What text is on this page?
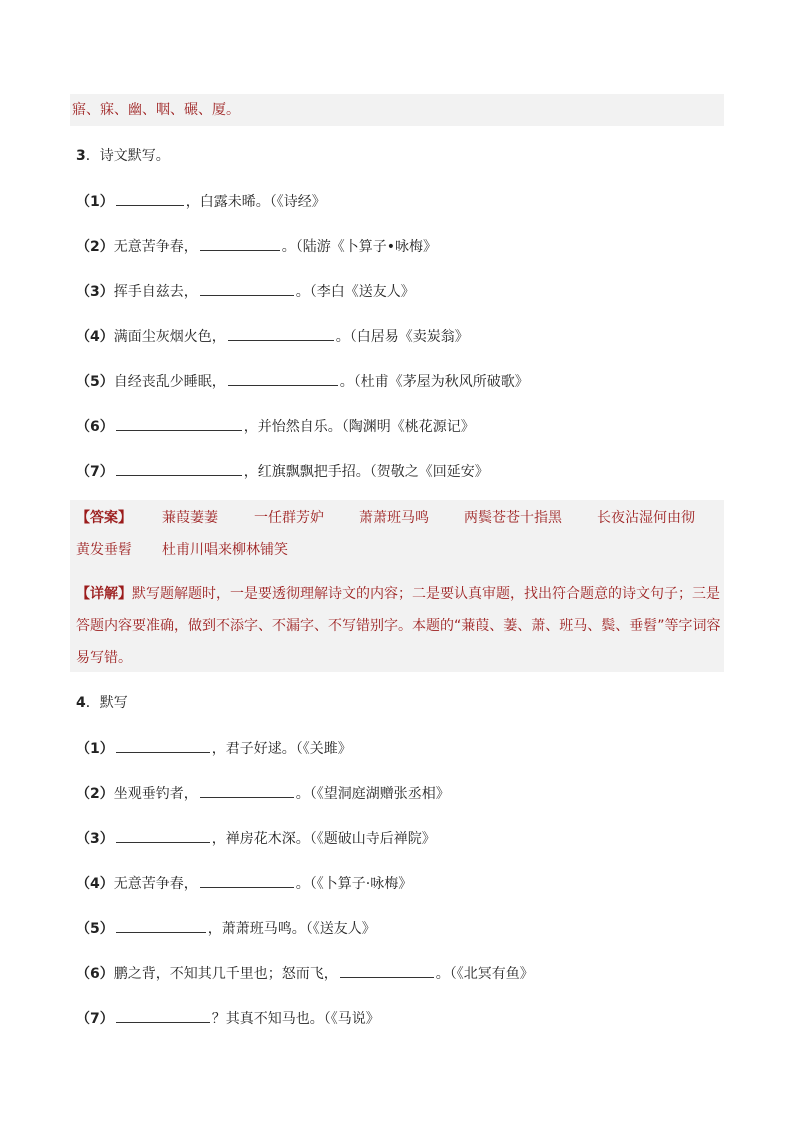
寤、寐、幽、咽、碾、厦。
3．诗文默写。
（1）	，白露未晞。（《诗经》
（2）无意苦争春，	。（陆游《卜算子•咏梅》
（3）挥手自兹去，	。（李白《送友人》
（4）满面尘灰烟火色，	。（白居易《卖炭翁》
（5）自经丧乱少睡眠，	。（杜甫《茅屋为秋风所破歌》
（6）	，并怡然自乐。（陶渊明《桃花源记》
（7）	，红旗飘飘把手招。（贺敬之《回延安》
【答案】 蒹葭萋萋	一任群芳妒	萧萧班马鸣	两鬓苍苍十指黑	长夜沾湿何由彻
黄发垂髫 杜甫川唱来柳林铺笑
【详解】默写题解题时，一是要透彻理解诗文的内容；二是要认真审题，找出符合题意的诗文句子；三是答题内容要准确，做到不添字、不漏字、不写错别字。本题的“蒹葭、萋、萧、班马、鬓、垂髫”等字词容易写错。
4．默写
（1）	，君子好逑。（《关雎》
（2）坐观垂钓者，	。（《望洞庭湖赠张丞相》
（3）	，禅房花木深。（《题破山寺后禅院》
（4）无意苦争春，	。（《卜算子·咏梅》
（5）	，萧萧班马鸣。（《送友人》
（6）鹏之背，不知其几千里也；怒而飞，	。（《北冥有鱼》
（7）	？其真不知马也。（《马说》
